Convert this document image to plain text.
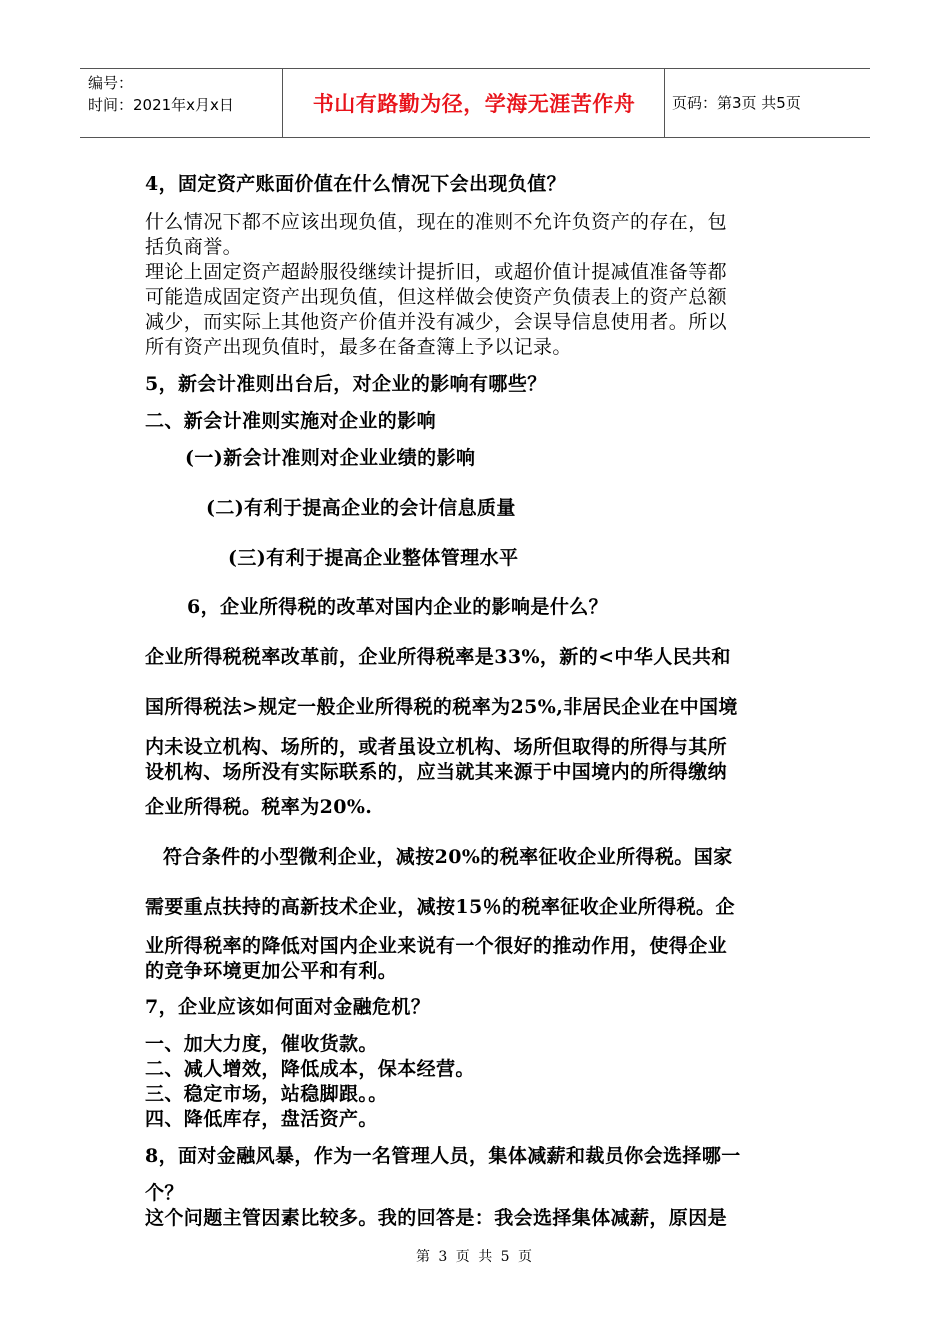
编号：
时间：2021年x月x日	书山有路勤为径，学海无涯苦作舟	页码：第3页 共5页
4，固定资产账面价值在什么情况下会出现负值？
什么情况下都不应该出现负值，现在的准则不允许负资产的存在，包
括负商誉。
理论上固定资产超龄服役继续计提折旧，或超价值计提减值准备等都
可能造成固定资产出现负值，但这样做会使资产负债表上的资产总额
减少，而实际上其他资产价值并没有减少，会误导信息使用者。所以
所有资产出现负值时，最多在备查簿上予以记录。
5，新会计准则出台后，对企业的影响有哪些？
二、新会计准则实施对企业的影响
(一)新会计准则对企业业绩的影响
(二)有利于提高企业的会计信息质量
(三)有利于提高企业整体管理水平
6，企业所得税的改革对国内企业的影响是什么？
企业所得税税率改革前，企业所得税率是33%，新的<中华人民共和
国所得税法>规定一般企业所得税的税率为25%,非居民企业在中国境
内未设立机构、场所的，或者虽设立机构、场所但取得的所得与其所
设机构、场所没有实际联系的，应当就其来源于中国境内的所得缴纳
企业所得税。税率为20%.
符合条件的小型微利企业，减按20%的税率征收企业所得税。国家
需要重点扶持的高新技术企业，减按15％的税率征收企业所得税。企
业所得税率的降低对国内企业来说有一个很好的推动作用，使得企业
的竞争环境更加公平和有利。
7，企业应该如何面对金融危机？
一、加大力度，催收货款。
二、减人增效，降低成本，保本经营。
三、稳定市场，站稳脚跟。。
四、降低库存，盘活资产。
8，面对金融风暴，作为一名管理人员，集体减薪和裁员你会选择哪一
个？
这个问题主管因素比较多。我的回答是：我会选择集体减薪，原因是
第 3 页 共 5 页
